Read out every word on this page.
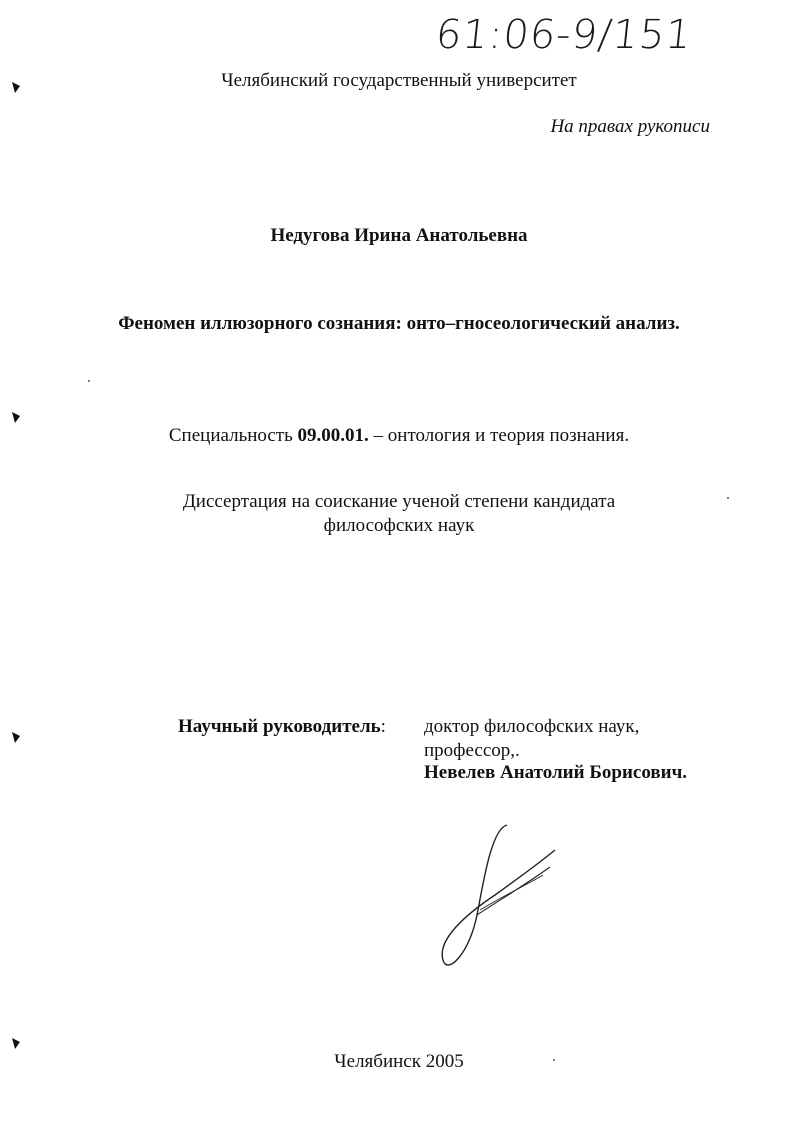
61:06-9/151
Челябинский государственный университет
На правах рукописи
Недугова Ирина Анатольевна
Феномен иллюзорного сознания: онто–гносеологический анализ.
Специальность 09.00.01. – онтология и теория познания.
Диссертация на соискание ученой степени кандидата
философских наук
Научный руководитель: доктор философских наук,
профессор,.
Невелев Анатолий Борисович.
Челябинск 2005
